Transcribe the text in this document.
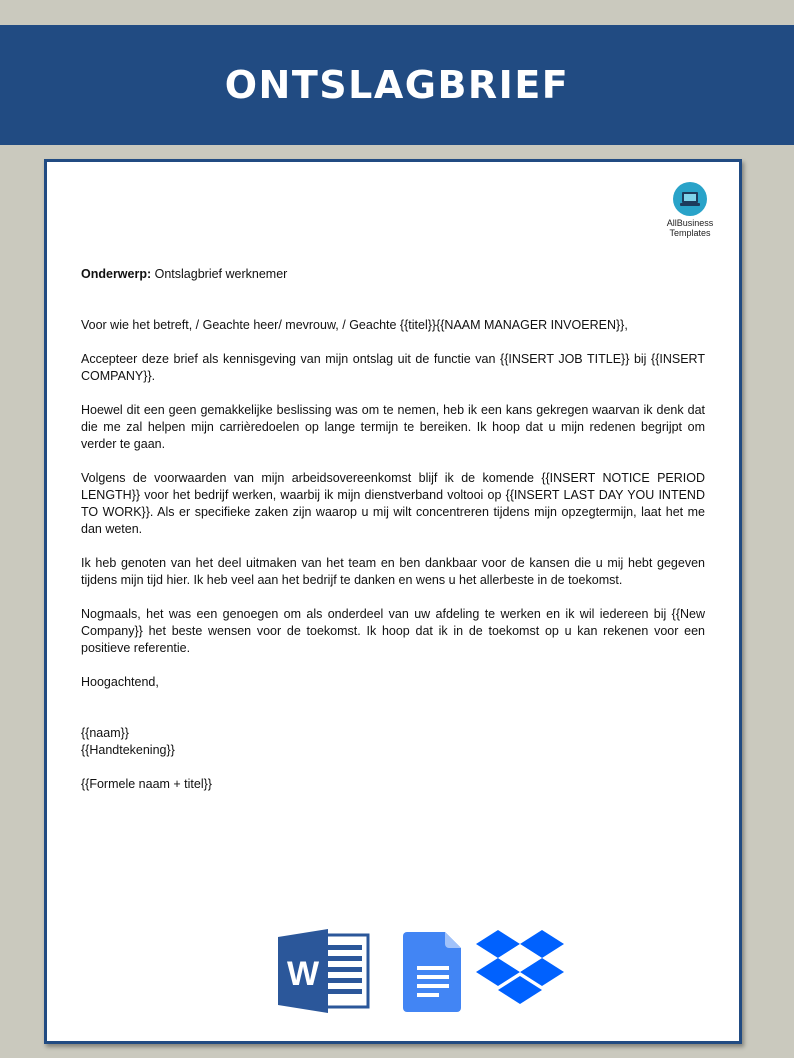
ONTSLAGBRIEF
AllBusiness
Templates

Onderwerp: Ontslagbrief werknemer

Voor wie het betreft, / Geachte heer/ mevrouw, / Geachte {{titel}}{{NAAM MANAGER INVOEREN}},

Accepteer deze brief als kennisgeving van mijn ontslag uit de functie van {{INSERT JOB TITLE}} bij {{INSERT COMPANY}}.

Hoewel dit een geen gemakkelijke beslissing was om te nemen, heb ik een kans gekregen waarvan ik denk dat die me zal helpen mijn carrièredoelen op lange termijn te bereiken. Ik hoop dat u mijn redenen begrijpt om verder te gaan.

Volgens de voorwaarden van mijn arbeidsovereenkomst blijf ik de komende {{INSERT NOTICE PERIOD LENGTH}} voor het bedrijf werken, waarbij ik mijn dienstverband voltooi op {{INSERT LAST DAY YOU INTEND TO WORK}}. Als er specifieke zaken zijn waarop u mij wilt concentreren tijdens mijn opzegtermijn, laat het me dan weten.

Ik heb genoten van het deel uitmaken van het team en ben dankbaar voor de kansen die u mij hebt gegeven tijdens mijn tijd hier. Ik heb veel aan het bedrijf te danken en wens u het allerbeste in de toekomst.

Nogmaals, het was een genoegen om als onderdeel van uw afdeling te werken en ik wil iedereen bij {{New Company}} het beste wensen voor de toekomst. Ik hoop dat ik in de toekomst op u kan rekenen voor een positieve referentie.

Hoogachtend,

{{naam}}

{{Handtekening}}

{{Formele naam + titel}}

W
